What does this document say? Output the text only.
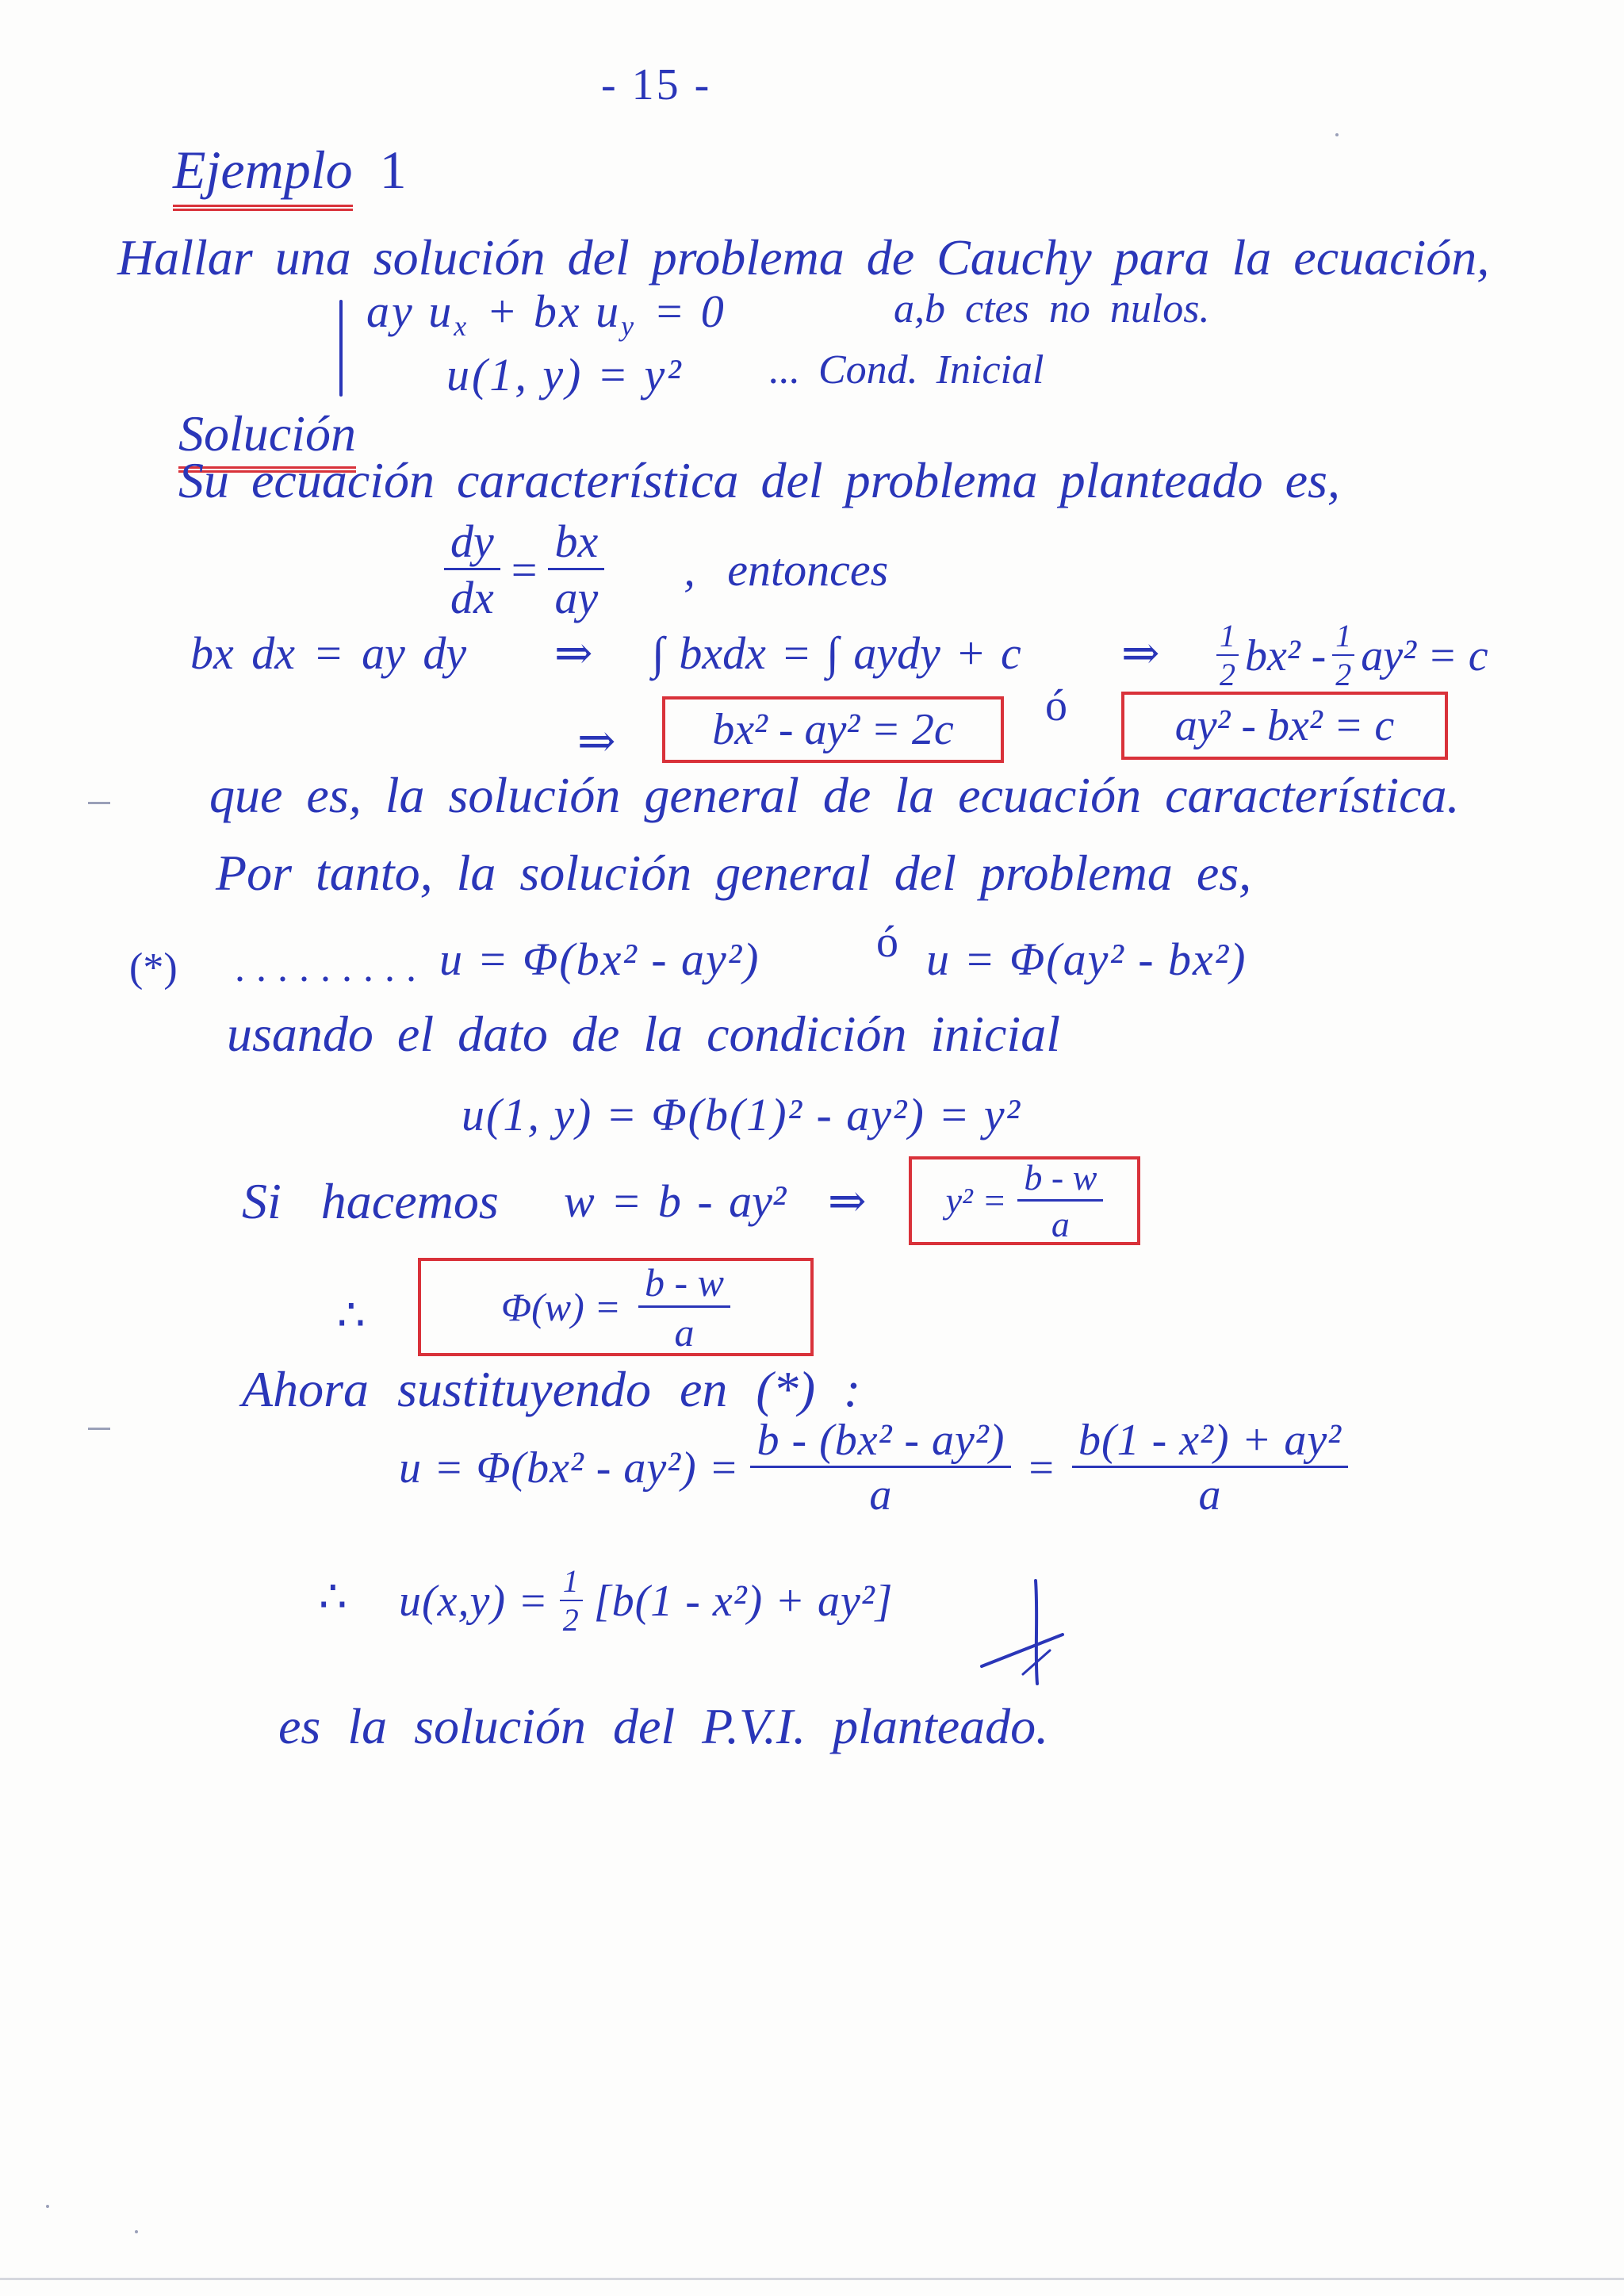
- 15 -
Ejemplo 1
Hallar una solución del problema de Cauchy para la ecuación,
ay $u_x$ + bx $u_y = 0$	a,b ctes no nulos.
u(1, y) = y² ... Cond. Inicial
Solución
Su ecuación característica del problema planteado es,
$\frac{dy}{dx} = \frac{bx}{ay}$ , entonces
bx dx = ay dy ⇒ ∫ bxdx = ∫ aydy + c ⇒ $\frac{1}{2} bx^2 - \frac{1}{2} ay^2 = c$
⇒ bx² - ay² = 2c ó ay² - bx² = c
que es, la solución general de la ecuación característica.
Por tanto, la solución general del problema es,
(*) ......... u = Φ(bx² - ay²)	ó u = Φ(ay² - bx²)
usando el dato de la condición inicial
u(1, y) = Φ(b(1)² - ay²) = y²
Si hacemos w = b - ay² ⇒ $y^2 = \frac{b - w}{a}$
∴	$\Phi(w) = \frac{b - w}{a}$
Ahora sustituyendo en (*) :
$u = \Phi(bx^2 - ay^2) = \frac{\text{b - (bx² - ay²)}}{a} = \frac{\text{b(1 - x²) + ay²}}{a}$
∴ $u(x,y) = \frac{1}{2} [b(1 - x^2) + ay^2]$
es la solución del P.V.I. planteado.
